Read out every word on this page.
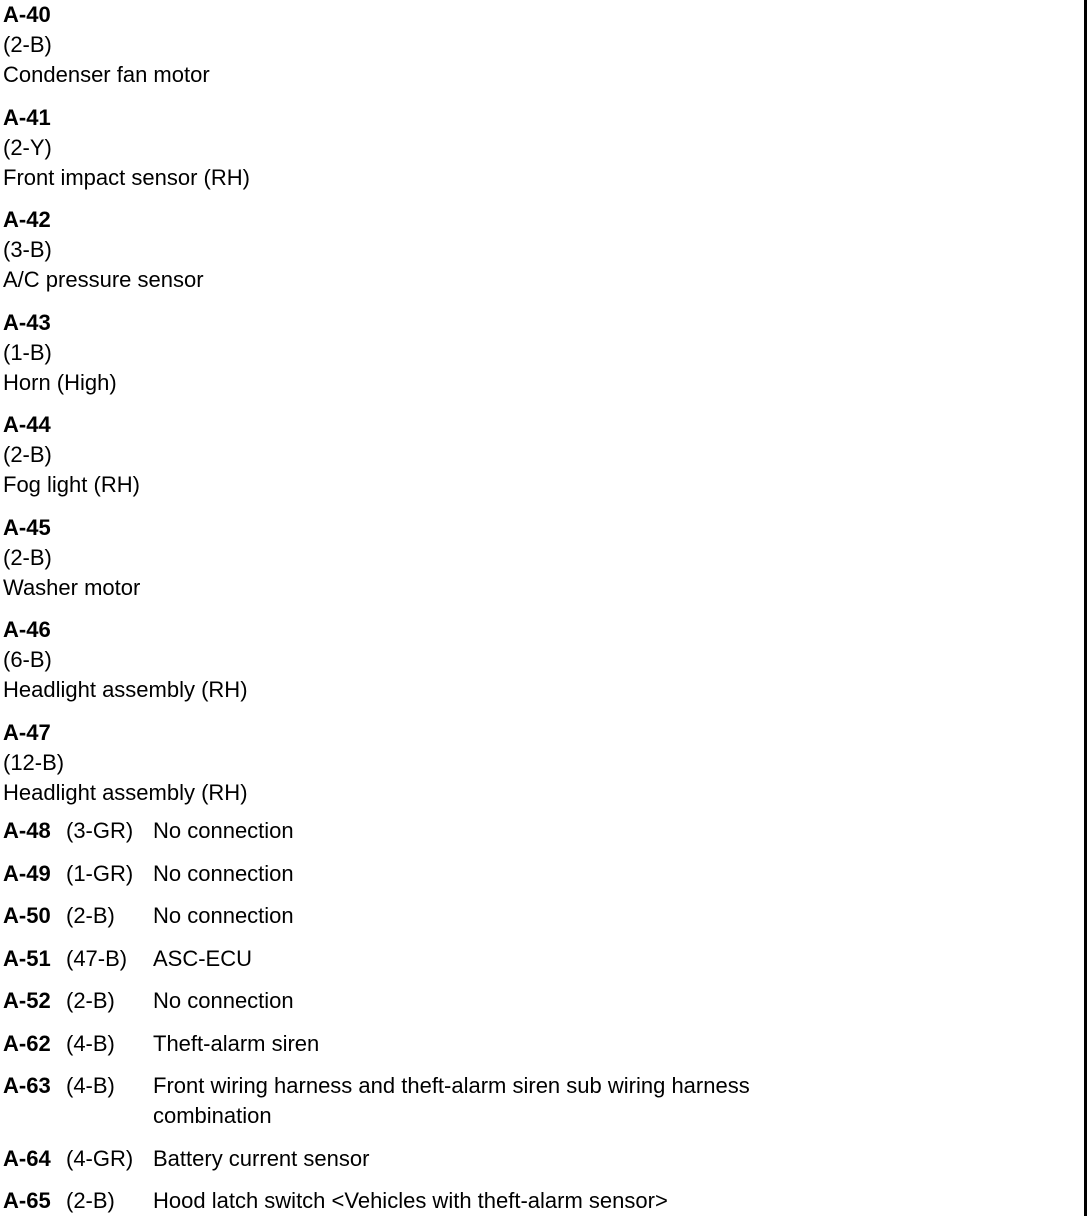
A-40
(2-B)
Condenser fan motor
A-41
(2-Y)
Front impact sensor (RH)
A-42
(3-B)
A/C pressure sensor
A-43
(1-B)
Horn (High)
A-44
(2-B)
Fog light (RH)
A-45
(2-B)
Washer motor
A-46
(6-B)
Headlight assembly (RH)
A-47
(12-B)
Headlight assembly (RH)
A-48 (3-GR) No connection
A-49 (1-GR) No connection
A-50 (2-B)	No connection
A-51 (47-B)	ASC-ECU
A-52 (2-B)	No connection
A-62 (4-B)	Theft-alarm siren
A-63 (4-B)	Front wiring harness and theft-alarm siren sub wiring harness combination
A-64 (4-GR) Battery current sensor
A-65 (2-B)	Hood latch switch <Vehicles with theft-alarm sensor>
